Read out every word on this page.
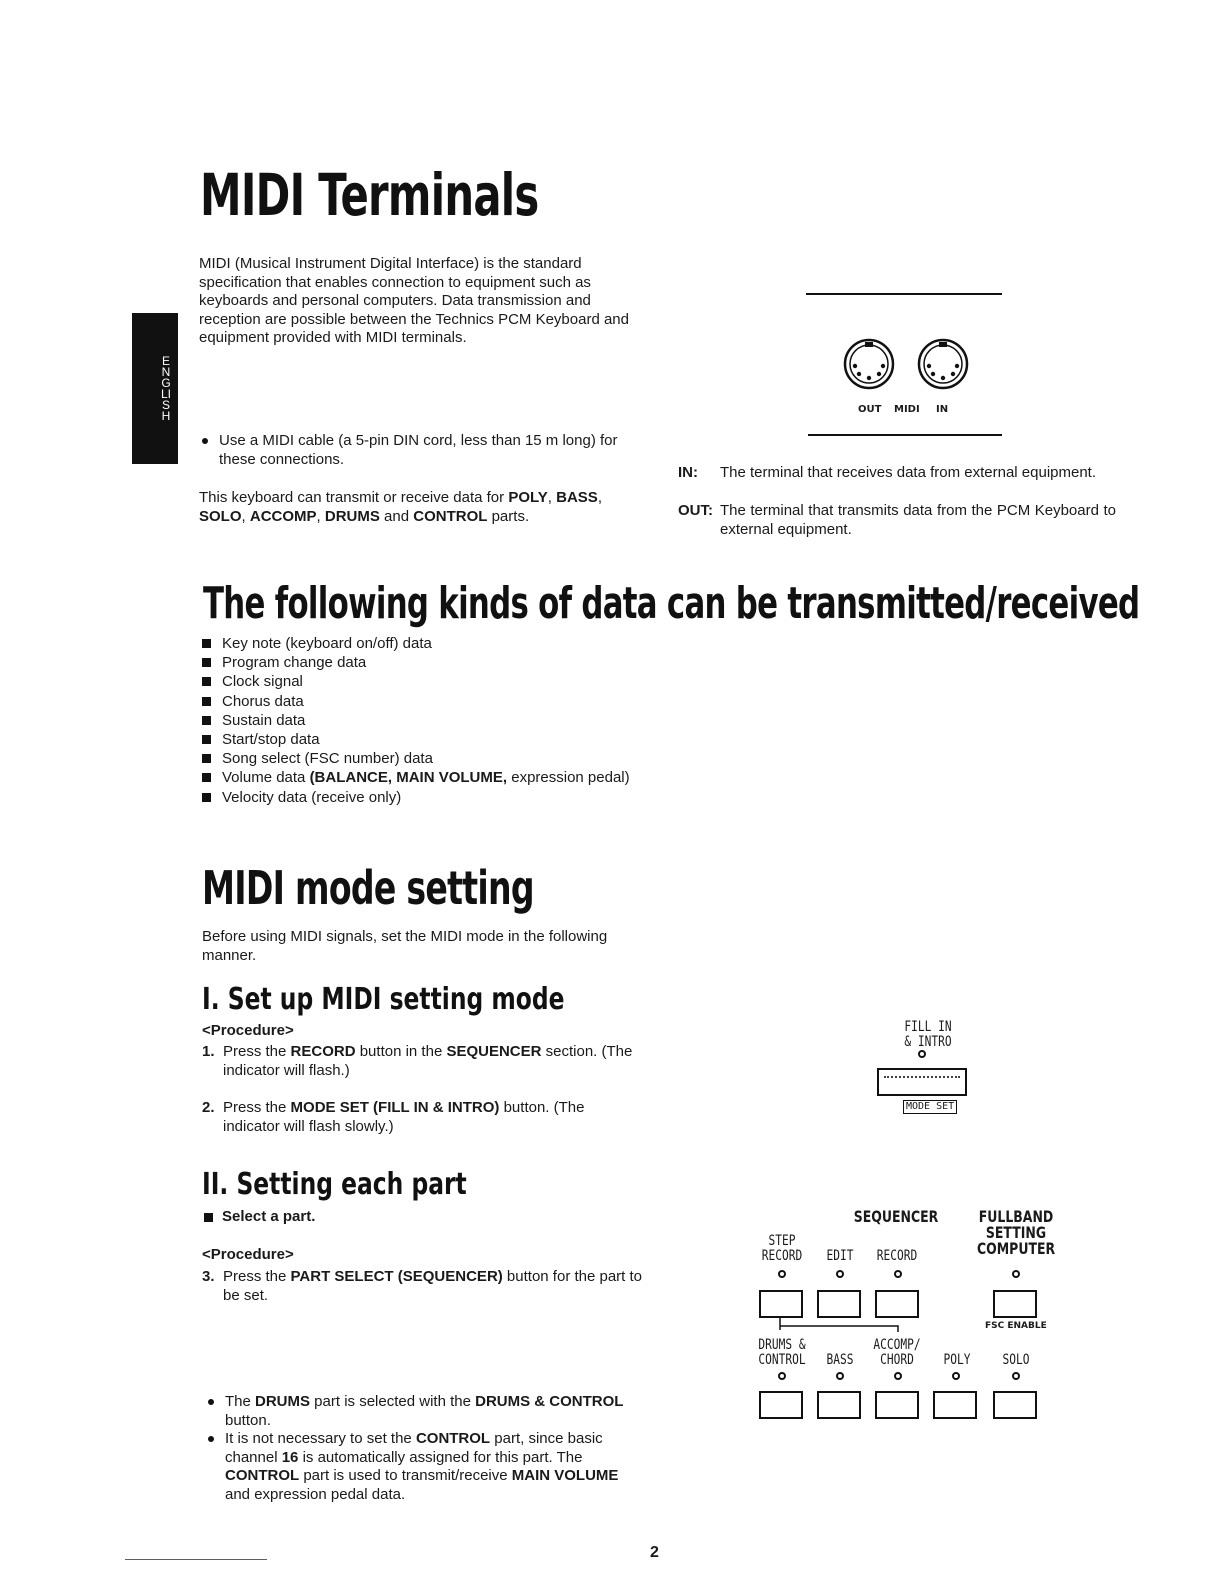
ENGLISH
MIDI Terminals
MIDI (Musical Instrument Digital Interface) is the standard specification that enables connection to equipment such as keyboards and personal computers. Data transmission and reception are possible between the Technics PCM Keyboard and equipment provided with MIDI terminals.
Use a MIDI cable (a 5-pin DIN cord, less than 15 m long) for these connections.
This keyboard can transmit or receive data for POLY, BASS, SOLO, ACCOMP, DRUMS and CONTROL parts.
OUT MIDI IN
IN: The terminal that receives data from external equipment.
OUT: The terminal that transmits data from the PCM Keyboard to external equipment.
The following kinds of data can be transmitted/received
Key note (keyboard on/off) data
Program change data
Clock signal
Chorus data
Sustain data
Start/stop data
Song select (FSC number) data
Volume data (BALANCE, MAIN VOLUME, expression pedal)
Velocity data (receive only)
MIDI mode setting
Before using MIDI signals, set the MIDI mode in the following manner.
I. Set up MIDI setting mode
<Procedure>
1. Press the RECORD button in the SEQUENCER section. (The indicator will flash.)
2. Press the MODE SET (FILL IN & INTRO) button. (The indicator will flash slowly.)
FILL IN
& INTRO
MODE SET
II. Setting each part
Select a part.
<Procedure>
3. Press the PART SELECT (SEQUENCER) button for the part to be set.
The DRUMS part is selected with the DRUMS & CONTROL button.
It is not necessary to set the CONTROL part, since basic channel 16 is automatically assigned for this part. The CONTROL part is used to transmit/receive MAIN VOLUME and expression pedal data.
SEQUENCER	FULLBAND
SETTING
COMPUTER
STEP
RECORD	EDIT	RECORD
FSC ENABLE
DRUMS &
CONTROL	BASS
ACCOMP/
CHORD	POLY	SOLO
2
